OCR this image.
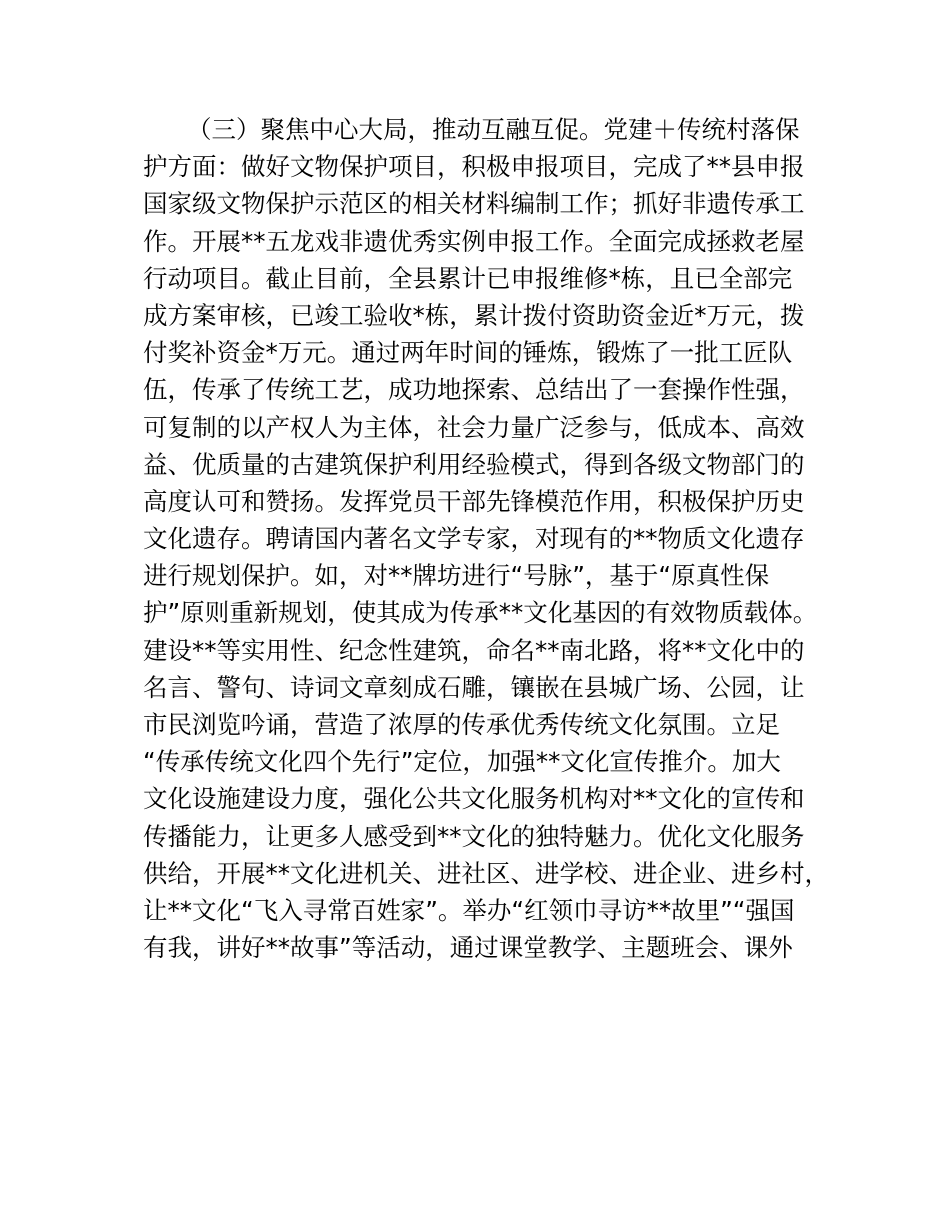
（三）聚焦中心大局，推动互融互促。党建＋传统村落保
护方面：做好文物保护项目，积极申报项目，完成了**县申报
国家级文物保护示范区的相关材料编制工作；抓好非遗传承工
作。开展**五龙戏非遗优秀实例申报工作。全面完成拯救老屋
行动项目。截止目前，全县累计已申报维修*栋，且已全部完
成方案审核，已竣工验收*栋，累计拨付资助资金近*万元，拨
付奖补资金*万元。通过两年时间的锤炼，锻炼了一批工匠队
伍，传承了传统工艺，成功地探索、总结出了一套操作性强，
可复制的以产权人为主体，社会力量广泛参与，低成本、高效
益、优质量的古建筑保护利用经验模式，得到各级文物部门的
高度认可和赞扬。发挥党员干部先锋模范作用，积极保护历史
文化遗存。聘请国内著名文学专家，对现有的**物质文化遗存
进行规划保护。如，对**牌坊进行“号脉”，基于“原真性保
护”原则重新规划，使其成为传承**文化基因的有效物质载体。
建设**等实用性、纪念性建筑，命名**南北路，将**文化中的
名言、警句、诗词文章刻成石雕，镶嵌在县城广场、公园，让
市民浏览吟诵，营造了浓厚的传承优秀传统文化氛围。立足
“传承传统文化四个先行”定位，加强**文化宣传推介。加大
文化设施建设力度，强化公共文化服务机构对**文化的宣传和
传播能力，让更多人感受到**文化的独特魅力。优化文化服务
供给，开展**文化进机关、进社区、进学校、进企业、进乡村，
让**文化“飞入寻常百姓家”。举办“红领巾寻访**故里”“强国
有我，讲好**故事”等活动，通过课堂教学、主题班会、课外
